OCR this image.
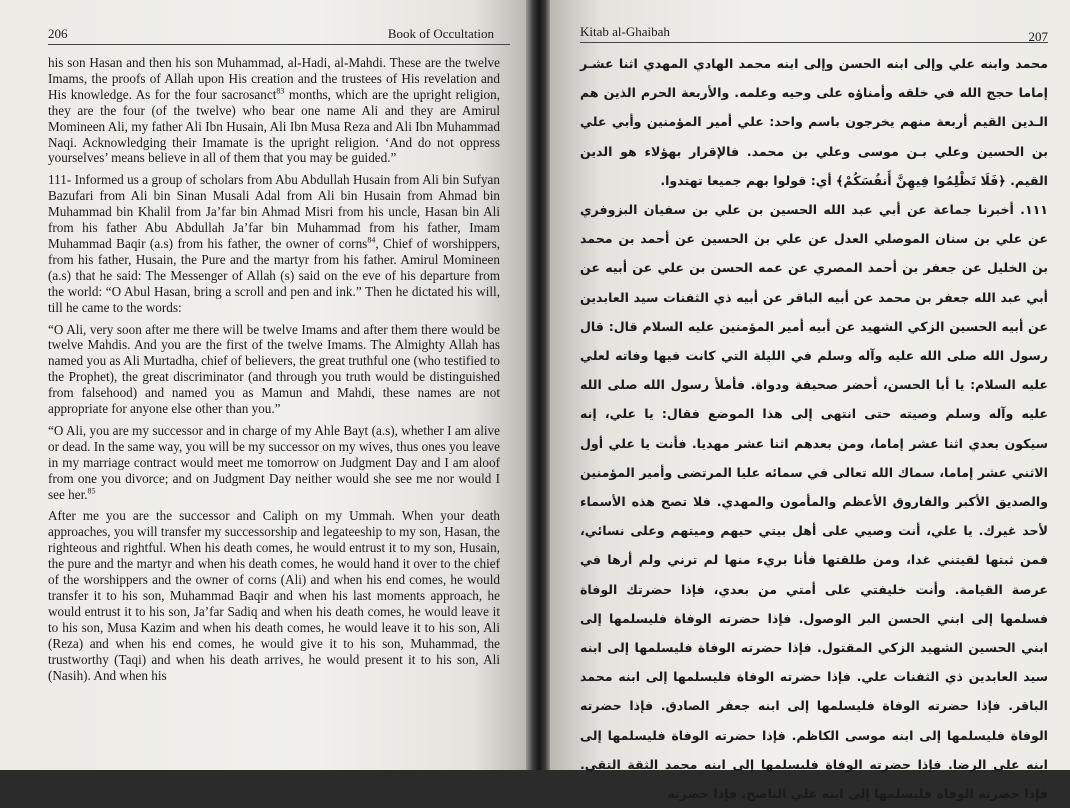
206	Book of Occultation

his son Hasan and then his son Muhammad, al-Hadi, al-Mahdi. These are the twelve Imams, the proofs of Allah upon His creation and the trustees of His revelation and His knowledge. As for the four sacrosanct$^{83}$ months, which are the upright religion, they are the four (of the twelve) who bear one name Ali and they are Amirul Momineen Ali, my father Ali Ibn Husain, Ali Ibn Musa Reza and Ali Ibn Muhammad Naqi. Acknowledging their Imamate is the upright religion. ‘And do not oppress yourselves’ means believe in all of them that you may be guided.”

111- Informed us a group of scholars from Abu Abdullah Husain from Ali bin Sufyan Bazufari from Ali bin Sinan Musali Adal from Ali bin Husain from Ahmad bin Muhammad bin Khalil from Ja’far bin Ahmad Misri from his uncle, Hasan bin Ali from his father Abu Abdullah Ja’far bin Muhammad from his father, Imam Muhammad Baqir (a.s) from his father, the owner of corns$^{84}$, Chief of worshippers, from his father, Husain, the Pure and the martyr from his father. Amirul Momineen (a.s) that he said: The Messenger of Allah (s) said on the eve of his departure from the world: “O Abul Hasan, bring a scroll and pen and ink.” Then he dictated his will, till he came to the words:

“O Ali, very soon after me there will be twelve Imams and after them there would be twelve Mahdis. And you are the first of the twelve Imams. The Almighty Allah has named you as Ali Murtadha, chief of believers, the great truthful one (who testified to the Prophet), the great discriminator (and through you truth would be distinguished from falsehood) and named you as Mamun and Mahdi, these names are not appropriate for anyone else other than you.”

“O Ali, you are my successor and in charge of my Ahle Bayt (a.s), whether I am alive or dead. In the same way, you will be my successor on my wives, thus ones you leave in my marriage contract would meet me tomorrow on Judgment Day and I am aloof from one you divorce; and on Judgment Day neither would she see me nor would I see her.$^{85}$

After me you are the successor and Caliph on my Ummah. When your death approaches, you will transfer my successorship and legateeship to my son, Hasan, the righteous and rightful. When his death comes, he would entrust it to my son, Husain, the pure and the martyr and when his death comes, he would hand it over to the chief of the worshippers and the owner of corns (Ali) and when his end comes, he would transfer it to his son, Muhammad Baqir and when his last moments approach, he would entrust it to his son, Ja’far Sadiq and when his death comes, he would leave it to his son, Musa Kazim and when his death comes, he would leave it to his son, Ali (Reza) and when his end comes, he would give it to his son, Muhammad, the trustworthy (Taqi) and when his death arrives, he would present it to his son, Ali (Nasih). And when his

Kitab al-Ghaibah	207

محمد وابنه علي وإلى ابنه الحسن وإلى ابنه محمد الهادي المهدي اثنا عشـر إماما حجج الله في خلقه وأمناؤه على وحيه وعلمه. والأربعة الحرم الذين هم الـدين القيم أربعة منهم يخرجون باسم واحد: علي أمير المؤمنين وأبي علي بن الحسين وعلي بـن موسى وعلي بن محمد. فالإقرار بهؤلاء هو الدين القيم. ﴿فَلَا تَظْلِمُوا فِيهِنَّ أَنفُسَكُمْ﴾ أي: قولوا بهم جميعا تهتدوا.

١١١. أخبرنا جماعة عن أبي عبد الله الحسين بن علي بن سفيان البزوفري عن علي بن سنان الموصلي العدل عن علي بن الحسين عن أحمد بن محمد بن الخليل عن جعفر بن أحمد المصري عن عمه الحسن بن علي عن أبيه عن أبي عبد الله جعفر بن محمد عن أبيه الباقر عن أبيه ذي الثفنات سيد العابدين عن أبيه الحسين الزكي الشهيد عن أبيه أمير المؤمنين عليه السلام قال: قال رسول الله صلى الله عليه وآله وسلم في الليلة التي كانت فيها وفاته لعلي عليه السلام: يا أبا الحسن، أحضر صحيفة ودواة. فأملأ رسول الله صلى الله عليه وآله وسلم وصيته حتى انتهى إلى هذا الموضع فقال: يا علي، إنه سيكون بعدي اثنا عشر إماما، ومن بعدهم اثنا عشر مهديا. فأنت يا علي أول الاثني عشر إماما، سماك الله تعالى في سمائه عليا المرتضى وأمير المؤمنين والصديق الأكبر والفاروق الأعظم والمأمون والمهدي. فلا تصح هذه الأسماء لأحد غيرك. يا علي، أنت وصيي على أهل بيتي حيهم وميتهم وعلى نسائي، فمن ثبتها لقيتني غدا، ومن طلقتها فأنا بريء منها لم ترني ولم أرها في عرصة القيامة. وأنت خليفتي على أمتي من بعدي، فإذا حضرتك الوفاة فسلمها إلى ابني الحسن البر الوصول. فإذا حضرته الوفاة فليسلمها إلى ابني الحسين الشهيد الزكي المقتول. فإذا حضرته الوفاة فليسلمها إلى ابنه سيد العابدين ذي الثفنات علي. فإذا حضرته الوفاة فليسلمها إلى ابنه محمد الباقر. فإذا حضرته الوفاة فليسلمها إلى ابنه جعفر الصادق. فإذا حضرته الوفاة فليسلمها إلى ابنه موسى الكاظم. فإذا حضرته الوفاة فليسلمها إلى ابنه علي الرضا. فإذا حضرته الوفاة فليسلمها إلى ابنه محمد الثقة التقي. فإذا حضرته الوفاة فليسلمها إلى ابنه علي الناصح. فإذا حضرته
